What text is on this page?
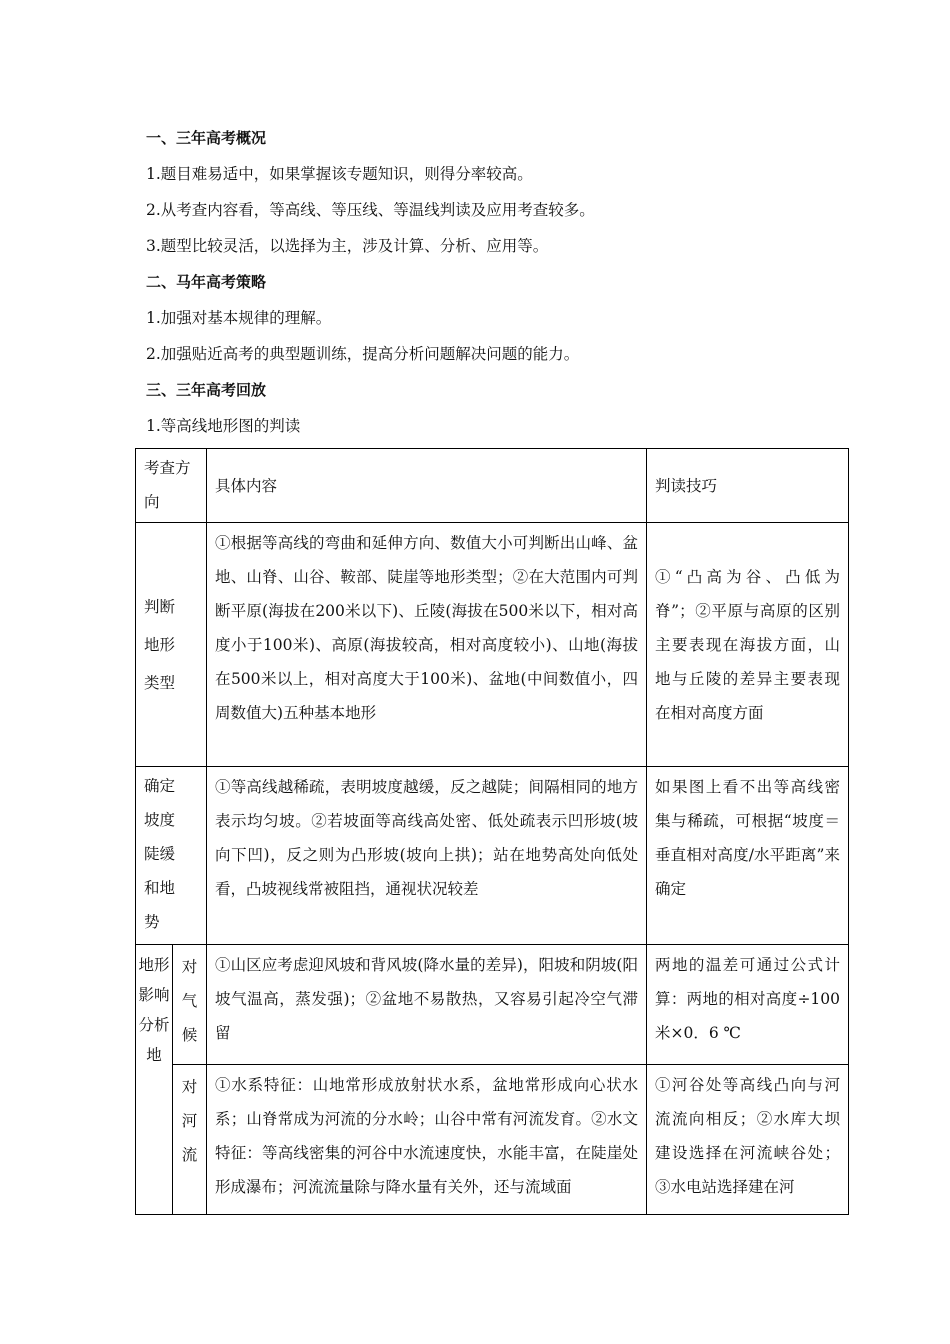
一、三年高考概况
1.题目难易适中，如果掌握该专题知识，则得分率较高。
2.从考查内容看，等高线、等压线、等温线判读及应用考查较多。
3.题型比较灵活，以选择为主，涉及计算、分析、应用等。
二、马年高考策略
1.加强对基本规律的理解。
2.加强贴近高考的典型题训练，提高分析问题解决问题的能力。
三、三年高考回放
1.等高线地形图的判读
考查方向		具体内容	判读技巧

判断地形类型		①根据等高线的弯曲和延伸方向、数值大小可判断出山峰、盆地、山脊、山谷、鞍部、陡崖等地形类型；②在大范围内可判断平原(海拔在200米以下)、丘陵(海拔在500米以下，相对高度小于100米)、高原(海拔较高，相对高度较小)、山地(海拔在500米以上，相对高度大于100米)、盆地(中间数值小，四周数值大)五种基本地形	①“凸高为谷、凸低为脊”；②平原与高原的区别主要表现在海拔方面，山地与丘陵的差异主要表现在相对高度方面

确定坡度陡缓和地势		①等高线越稀疏，表明坡度越缓，反之越陡；间隔相同的地方表示均匀坡。②若坡面等高线高处密、低处疏表示凹形坡(坡向下凹)，反之则为凸形坡(坡向上拱)；站在地势高处向低处看，凸坡视线常被阻挡，通视状况较差	如果图上看不出等高线密集与稀疏，可根据“坡度＝垂直相对高度/水平距离”来确定
地形影响分析地	对气候	①山区应考虑迎风坡和背风坡(降水量的差异)，阳坡和阴坡(阳坡气温高，蒸发强)；②盆地不易散热，又容易引起冷空气滞留	两地的温差可通过公式计算：两地的相对高度÷100米×0．6 ℃
	对河流	①水系特征：山地常形成放射状水系，盆地常形成向心状水系；山脊常成为河流的分水岭；山谷中常有河流发育。②水文特征：等高线密集的河谷中水流速度快，水能丰富，在陡崖处形成瀑布；河流流量除与降水量有关外，还与流域面	①河谷处等高线凸向与河流流向相反；②水库大坝建设选择在河流峡谷处；③水电站选择建在河
